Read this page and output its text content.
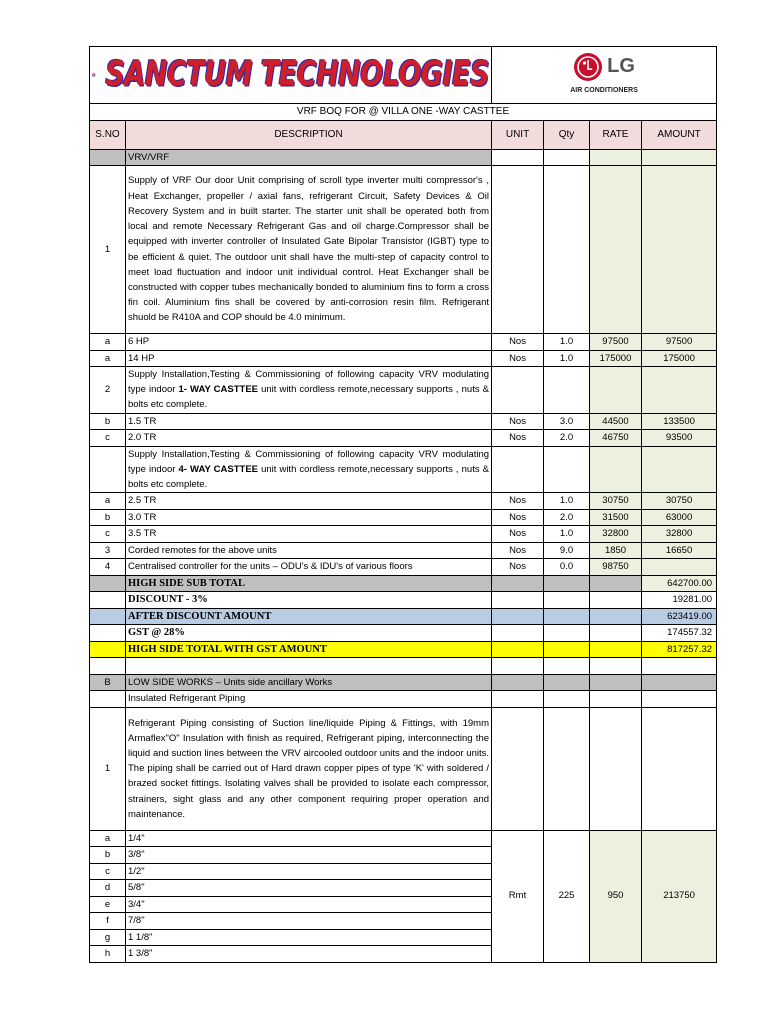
SANCTUM TECHNOLOGIES		LG
AIR CONDITIONERS			

VRF BOQ FOR @ VILLA ONE -WAY CASTTEE					
S.NO	DESCRIPTION	UNIT	Qty	RATE	AMOUNT
	VRV/VRF				
1	Supply of VRF Our door Unit comprising of scroll type inverter multi compressor's , Heat Exchanger, propeller / axial fans, refrigerant Circuit, Safety Devices & Oil Recovery System and in built starter. The starter unit shall be operated both from local and remote Necessary Refrigerant Gas and oil charge.Compressor shall be equipped with inverter controller of Insulated Gate Bipolar Transistor (IGBT) type to be efficient & quiet. The outdoor unit shall have the multi-step of capacity control to meet load fluctuation and indoor unit individual control. Heat Exchanger shall be constructed with copper tubes mechanically bonded to aluminium fins to form a cross fin coil. Aluminium fins shall be covered by anti-corrosion resin film. Refrigerant shuold be R410A and COP should be 4.0 minimum.				
a	6 HP	Nos	1.0	97500	97500
a	14 HP	Nos	1.0	175000	175000
2	Supply Installation,Testing & Commissioning of following capacity VRV modulating type indoor 1- WAY CASTTEE unit with cordless remote,necessary supports , nuts & bolts etc complete.				
b	1.5 TR	Nos	3.0	44500	133500
c	2.0 TR	Nos	2.0	46750	93500
	Supply Installation,Testing & Commissioning of following capacity VRV modulating type indoor 4- WAY CASTTEE unit with cordless remote,necessary supports , nuts & bolts etc complete.				
a	2.5 TR	Nos	1.0	30750	30750
b	3.0 TR	Nos	2.0	31500	63000
c	3.5 TR	Nos	1.0	32800	32800
3	Corded remotes for the above units	Nos	9.0	1850	16650
4	Centralised controller for the units – ODU's & IDU's of various floors	Nos	0.0	98750	
	HIGH SIDE SUB TOTAL				642700.00
	DISCOUNT - 3%				19281.00
	AFTER DISCOUNT AMOUNT				623419.00
	GST @ 28%				174557.32
	HIGH SIDE TOTAL WITH GST AMOUNT				817257.32

B	LOW SIDE WORKS – Units side ancillary Works				
	Insulated Refrigerant Piping				
1	Refrigerant Piping consisting of Suction line/liquide Piping & Fittings, with 19mm Armaflex"O" Insulation with finish as required, Refrigerant piping, interconnecting the liquid and suction lines between the VRV aircooled outdoor units and the indoor units. The piping shall be carried out of Hard drawn copper pipes of type 'K' with soldered / brazed socket fittings. Isolating valves shall be provided to isolate each compressor, strainers, sight glass and any other component requiring proper operation and maintenance.				
a	1/4"	Rmt	225	950	213750
b	3/8"				
c	1/2"				
d	5/8"				
e	3/4"				
f	7/8"				
g	1 1/8"				
h	1 3/8"				
